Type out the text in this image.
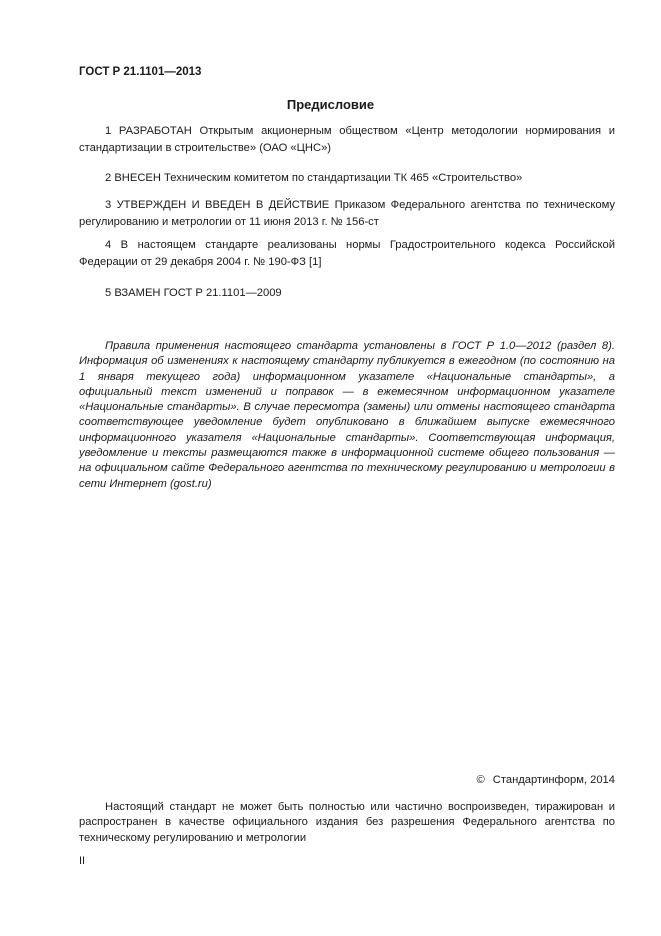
ГОСТ Р 21.1101—2013
Предисловие

1 РАЗРАБОТАН Открытым акционерным обществом «Центр методологии нормирования и стандартизации в строительстве» (ОАО «ЦНС»)

2 ВНЕСЕН Техническим комитетом по стандартизации ТК 465 «Строительство»

3 УТВЕРЖДЕН И ВВЕДЕН В ДЕЙСТВИЕ Приказом Федерального агентства по техническому регулированию и метрологии от 11 июня 2013 г. № 156-ст

4 В настоящем стандарте реализованы нормы Градостроительного кодекса Российской Федерации от 29 декабря 2004 г. № 190-ФЗ [1]

5 ВЗАМЕН ГОСТ Р 21.1101—2009

Правила применения настоящего стандарта установлены в ГОСТ Р 1.0—2012 (раздел 8). Информация об изменениях к настоящему стандарту публикуется в ежегодном (по состоянию на 1 января текущего года) информационном указателе «Национальные стандарты», а официальный текст изменений и поправок — в ежемесячном информационном указателе «Национальные стандарты». В случае пересмотра (замены) или отмены настоящего стандарта соответствующее уведомление будет опубликовано в ближайшем выпуске ежемесячного информационного указателя «Национальные стандарты». Соответствующая информация, уведомление и тексты размещаются также в информационной системе общего пользования — на официальном сайте Федерального агентства по техническому регулированию и метрологии в сети Интернет (gost.ru)

© Стандартинформ, 2014

Настоящий стандарт не может быть полностью или частично воспроизведен, тиражирован и распространен в качестве официального издания без разрешения Федерального агентства по техническому регулированию и метрологии

II
